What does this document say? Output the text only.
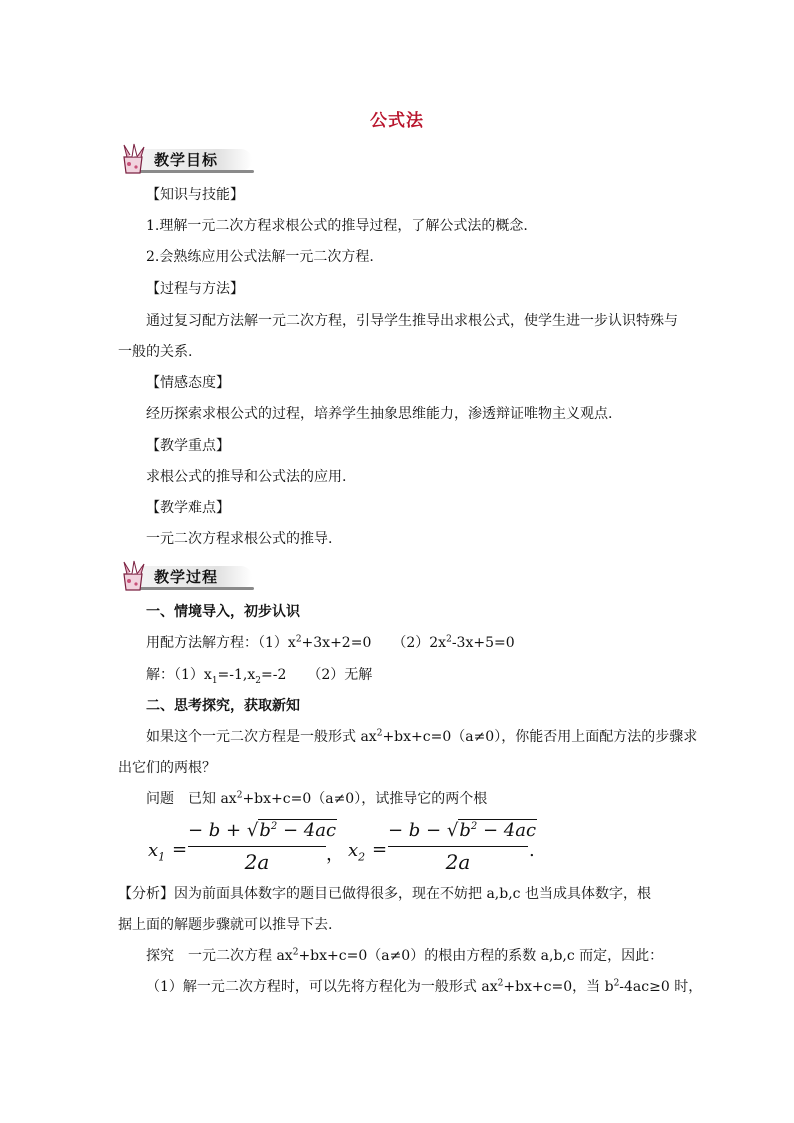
公式法
教学目标
【知识与技能】
1.理解一元二次方程求根公式的推导过程，了解公式法的概念.
2.会熟练应用公式法解一元二次方程.
【过程与方法】
通过复习配方法解一元二次方程，引导学生推导出求根公式，使学生进一步认识特殊与
一般的关系.
【情感态度】
经历探索求根公式的过程，培养学生抽象思维能力，渗透辩证唯物主义观点.
【教学重点】
求根公式的推导和公式法的应用.
【教学难点】
一元二次方程求根公式的推导.
教学过程
一、情境导入，初步认识
用配方法解方程：$(1)x^2+3x+2=0$　　$(2)2x^2-3x+5=0$
解：$(1)x_1=-1,x_2=-2$　　（2）无解
二、思考探究，获取新知
如果这个一元二次方程是一般形式 $ax^2+bx+c=0(a\ne 0)$，你能否用上面配方法的步骤求
出它们的两根？
问题　已知 $ax^2+bx+c=0(a\ne 0)$，试推导它的两个根
$x_1$ =
− $b + √b^2 - 4ac$
2a	， $x_2$ =
− $b - √b^2 - 4ac$
2a	.
【分析】因为前面具体数字的题目已做得很多，现在不妨把 a,b,c 也当成具体数字，根
据上面的解题步骤就可以推导下去.
探究　一元二次方程 $ax^2+bx+c=0(a\ne 0)$的根由方程的系数 a,b,c 而定，因此：
（1）解一元二次方程时，可以先将方程化为一般形式 $ax^2+bx+c=0$，当 $b^2-4ac\ge 0$ 时，
